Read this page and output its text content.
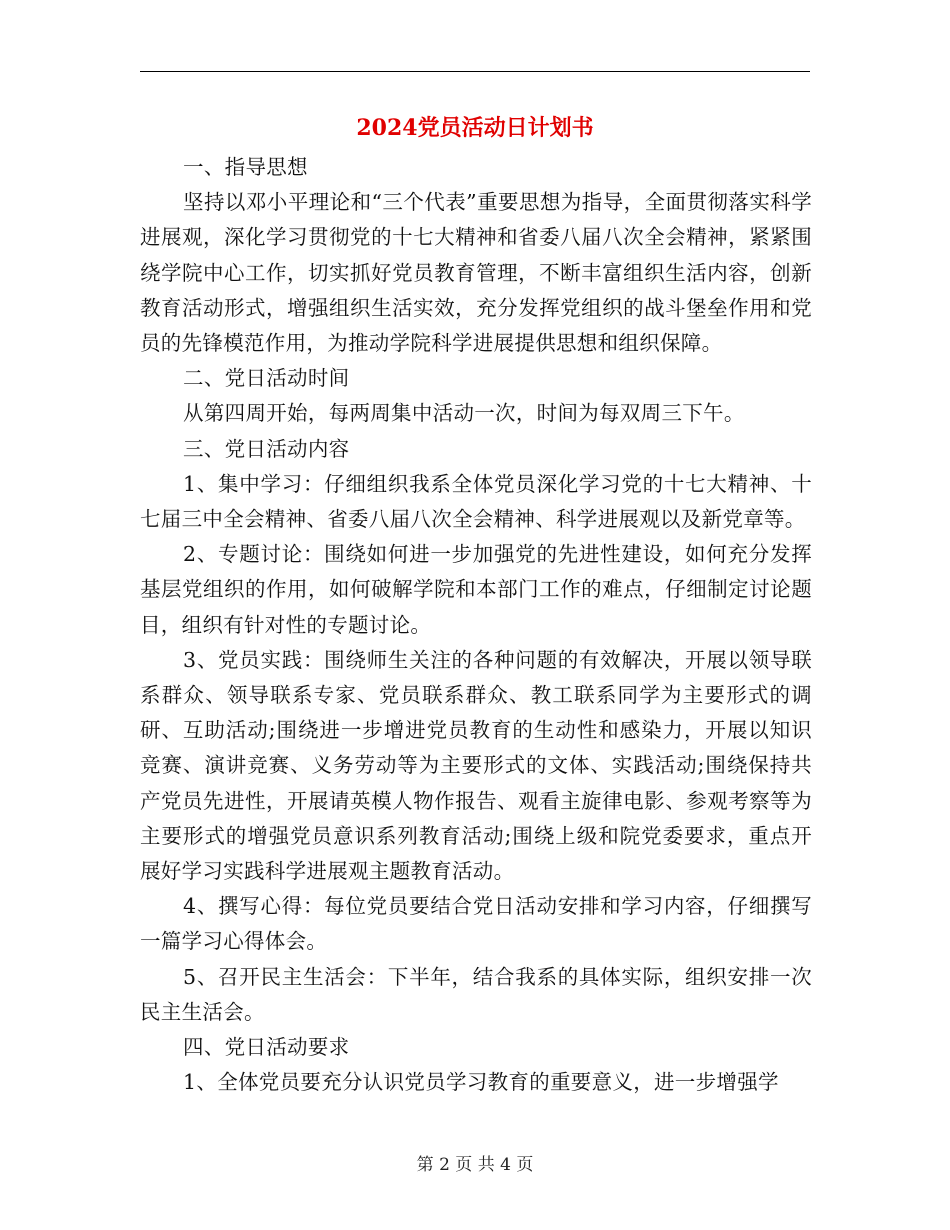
2024党员活动日计划书

一、指导思想

坚持以邓小平理论和“三个代表”重要思想为指导，全面贯彻落实科学进展观，深化学习贯彻党的十七大精神和省委八届八次全会精神，紧紧围绕学院中心工作，切实抓好党员教育管理，不断丰富组织生活内容，创新教育活动形式，增强组织生活实效，充分发挥党组织的战斗堡垒作用和党员的先锋模范作用，为推动学院科学进展提供思想和组织保障。

二、党日活动时间

从第四周开始，每两周集中活动一次，时间为每双周三下午。

三、党日活动内容

1、集中学习：仔细组织我系全体党员深化学习党的十七大精神、十七届三中全会精神、省委八届八次全会精神、科学进展观以及新党章等。

2、专题讨论：围绕如何进一步加强党的先进性建设，如何充分发挥基层党组织的作用，如何破解学院和本部门工作的难点，仔细制定讨论题目，组织有针对性的专题讨论。

3、党员实践：围绕师生关注的各种问题的有效解决，开展以领导联系群众、领导联系专家、党员联系群众、教工联系同学为主要形式的调研、互助活动;围绕进一步增进党员教育的生动性和感染力，开展以知识竞赛、演讲竞赛、义务劳动等为主要形式的文体、实践活动;围绕保持共产党员先进性，开展请英模人物作报告、观看主旋律电影、参观考察等为主要形式的增强党员意识系列教育活动;围绕上级和院党委要求，重点开展好学习实践科学进展观主题教育活动。

4、撰写心得：每位党员要结合党日活动安排和学习内容，仔细撰写一篇学习心得体会。

5、召开民主生活会：下半年，结合我系的具体实际，组织安排一次民主生活会。

四、党日活动要求

1、全体党员要充分认识党员学习教育的重要意义，进一步增强学

第 2 页 共 4 页
